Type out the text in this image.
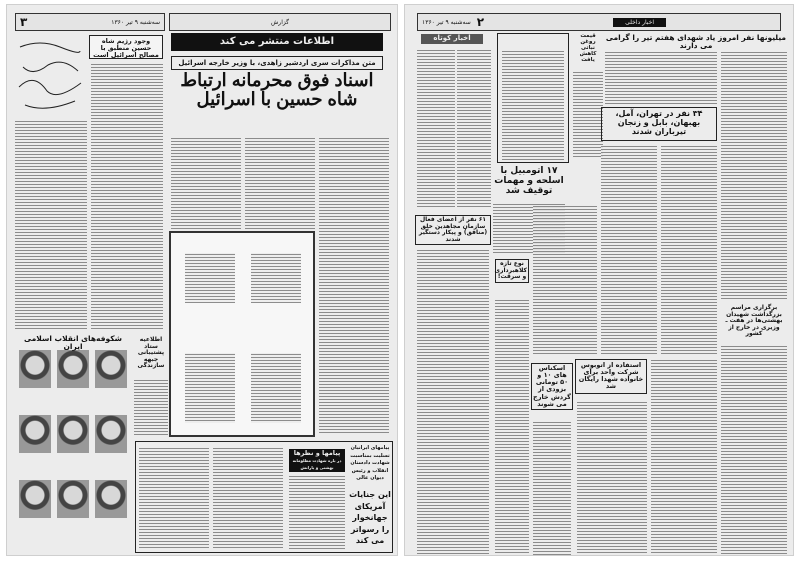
۳	سه‌شنبه ۹ تیر ۱۳۶۰	گزارش
وجود رژیم شاه حسین منطبق با مصالح اسرائیل است
اطلاعات منتشر می کند
متن مذاکرات سری اردشیر زاهدی، با وزیر خارجه اسرائیل
اسناد فوق محرمانه ارتباط شاه حسین با اسرائیل
شکوفه‌های انقلاب اسلامی ایران
اطلاعیه ستاد پشتیبانی جبهه سازندگی
پیامها و نظرها
در باره شهادت مظلومانه بهشتی و یارانش
پیامهای ایرانیان تسلیت بمناسبت شهادت دادستان انقلاب و رئیس دیوان عالی
این جنایات آمریکای جهانخوار را رسواتر می کند
سه‌شنبه ۹ تیر ۱۳۶۰ ۲	اخبار داخلی
میلیونها نفر امروز یاد شهدای هفتم تیر را گرامی می دارند
اخبار کوتاه	قیمت روغن نباتی کاهش یافت
۳۴ نفر در تهران، آمل، بهبهان، بابل و زنجان تیرباران شدند
۱۷ اتومبیل با اسلحه و مهمات توقیف شد
۶۱ نفر از اعضای فعال سازمان مجاهدین خلق (منافق) و پیکار دستگیر شدند
نوع تازه کلاهبرداری و سرقت!
اسکناس های ۱۰ و ۵۰ تومانی بزودی از گردش خارج می شوند
استفاده از اتوبوس شرکت واحد برای خانواده شهدا رایگان شد
برگزاری مراسم بزرگداشت شهیدان بهشتی‌ها در هفت ـ وزیری در خارج از کشور
